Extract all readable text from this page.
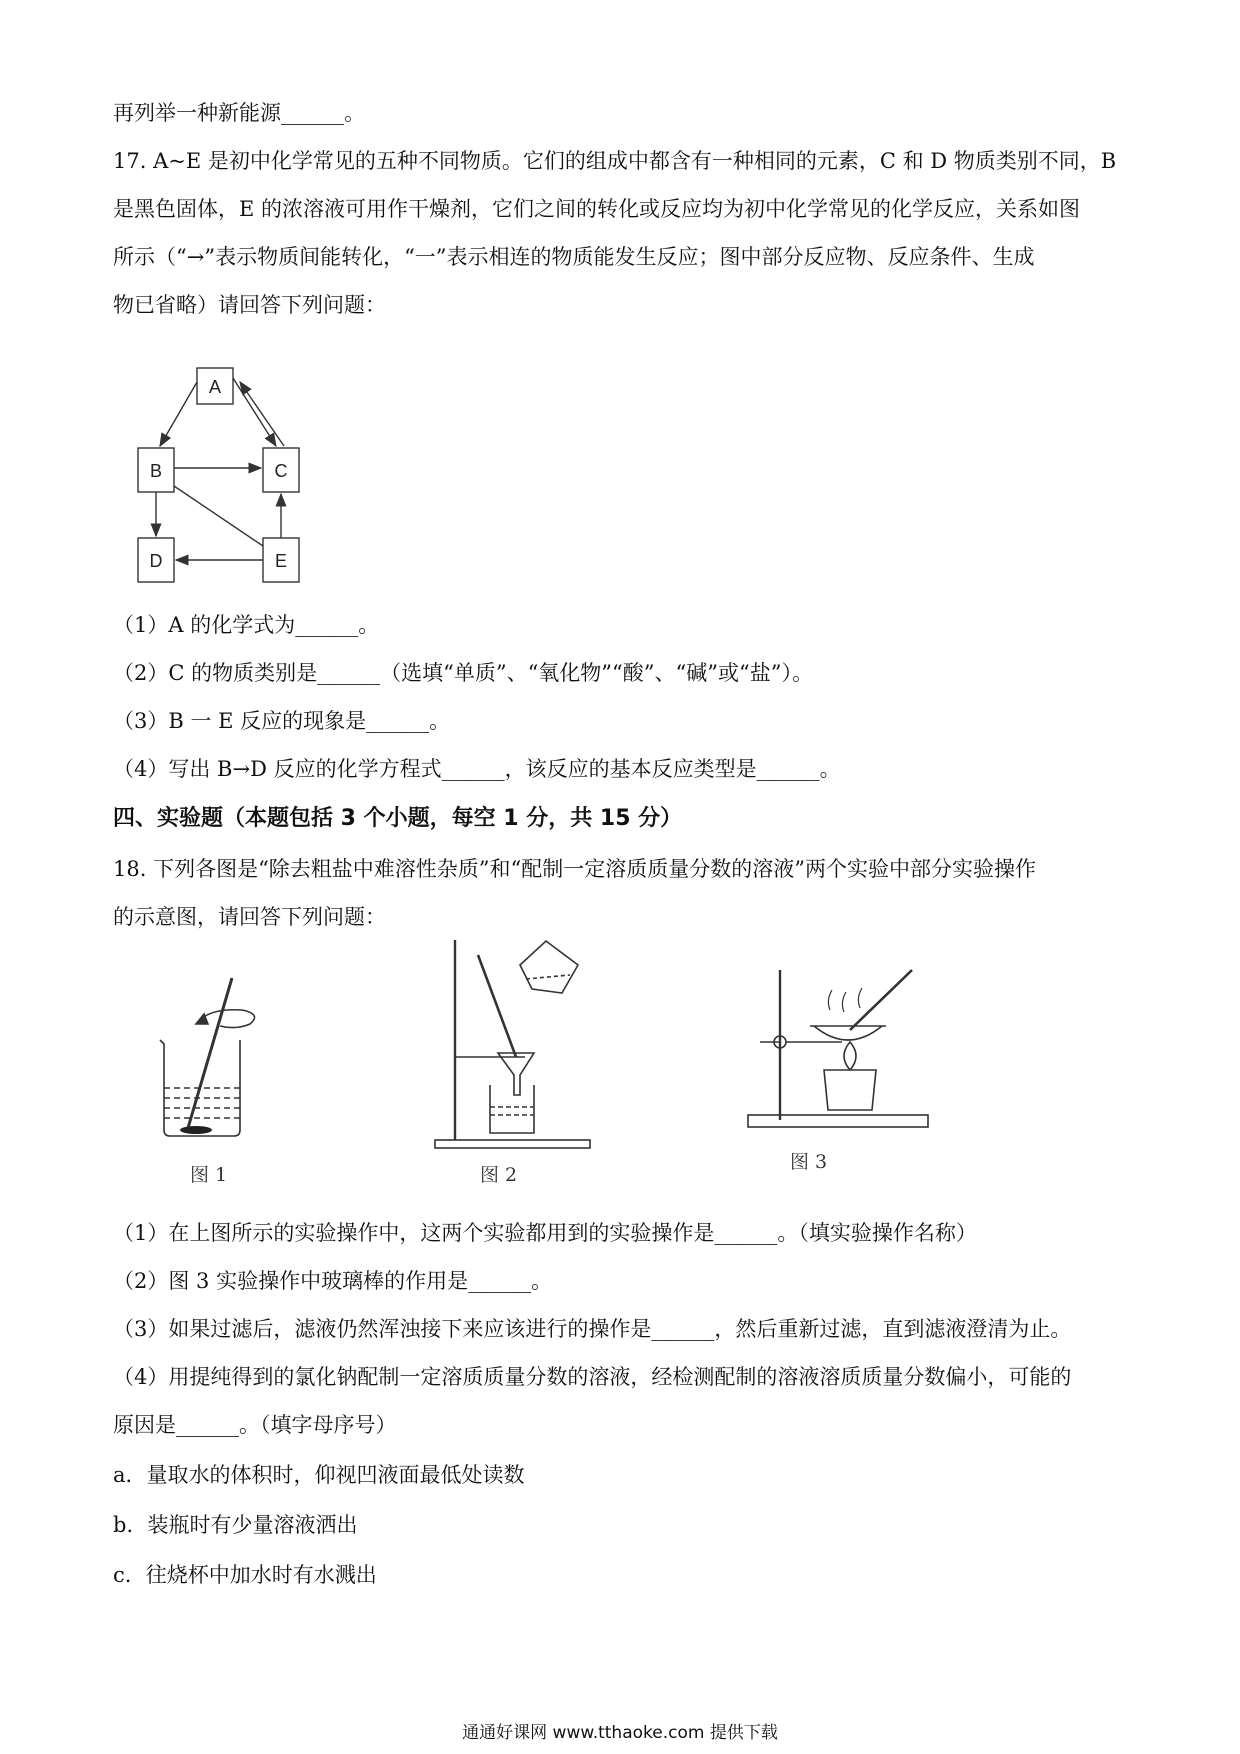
再列举一种新能源______。
17. A~E 是初中化学常见的五种不同物质。它们的组成中都含有一种相同的元素，C 和 D 物质类别不同，B
是黑色固体，E 的浓溶液可用作干燥剂，它们之间的转化或反应均为初中化学常见的化学反应，关系如图
所示（“→”表示物质间能转化，“一”表示相连的物质能发生反应；图中部分反应物、反应条件、生成
物已省略）请回答下列问题：
A
B	C
D	E
（1）A 的化学式为______。
（2）C 的物质类别是______（选填“单质”、“氧化物”“酸”、“碱”或“盐”）。
（3）B 一 E 反应的现象是______。
（4）写出 B→D 反应的化学方程式______，该反应的基本反应类型是______。
四、实验题（本题包括 3 个小题，每空 1 分，共 15 分）
18. 下列各图是“除去粗盐中难溶性杂质”和“配制一定溶质质量分数的溶液”两个实验中部分实验操作
的示意图，请回答下列问题：
图 1	图 2
图 3
（1）在上图所示的实验操作中，这两个实验都用到的实验操作是______。（填实验操作名称）
（2）图 3 实验操作中玻璃棒的作用是______。
（3）如果过滤后，滤液仍然浑浊接下来应该进行的操作是______，然后重新过滤，直到滤液澄清为止。
（4）用提纯得到的氯化钠配制一定溶质质量分数的溶液，经检测配制的溶液溶质质量分数偏小，可能的
原因是______。（填字母序号）
a．量取水的体积时，仰视凹液面最低处读数
b．装瓶时有少量溶液洒出
c．往烧杯中加水时有水溅出
通通好课网 www.tthaoke.com 提供下载
